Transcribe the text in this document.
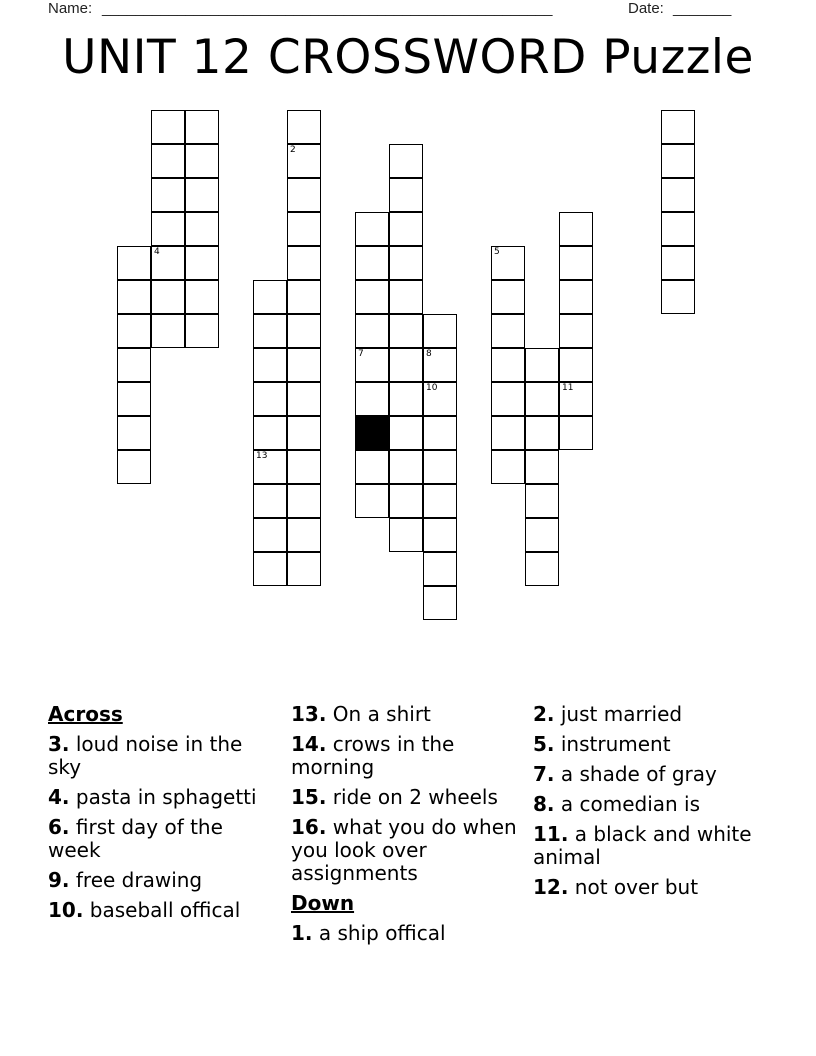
Name: ______________________________________________________	Date: _______
UNIT 12 CROSSWORD Puzzle
4
7
5
11
13
2
8
10
Across
3. loud noise in the sky
4. pasta in sphagetti
6. first day of the week
9. free drawing
10. baseball offical
13. On a shirt
14. crows in the morning
15. ride on 2 wheels
16. what you do when you look over assignments
Down
1. a ship offical
2. just married
5. instrument
7. a shade of gray
8. a comedian is
11. a black and white animal
12. not over but
